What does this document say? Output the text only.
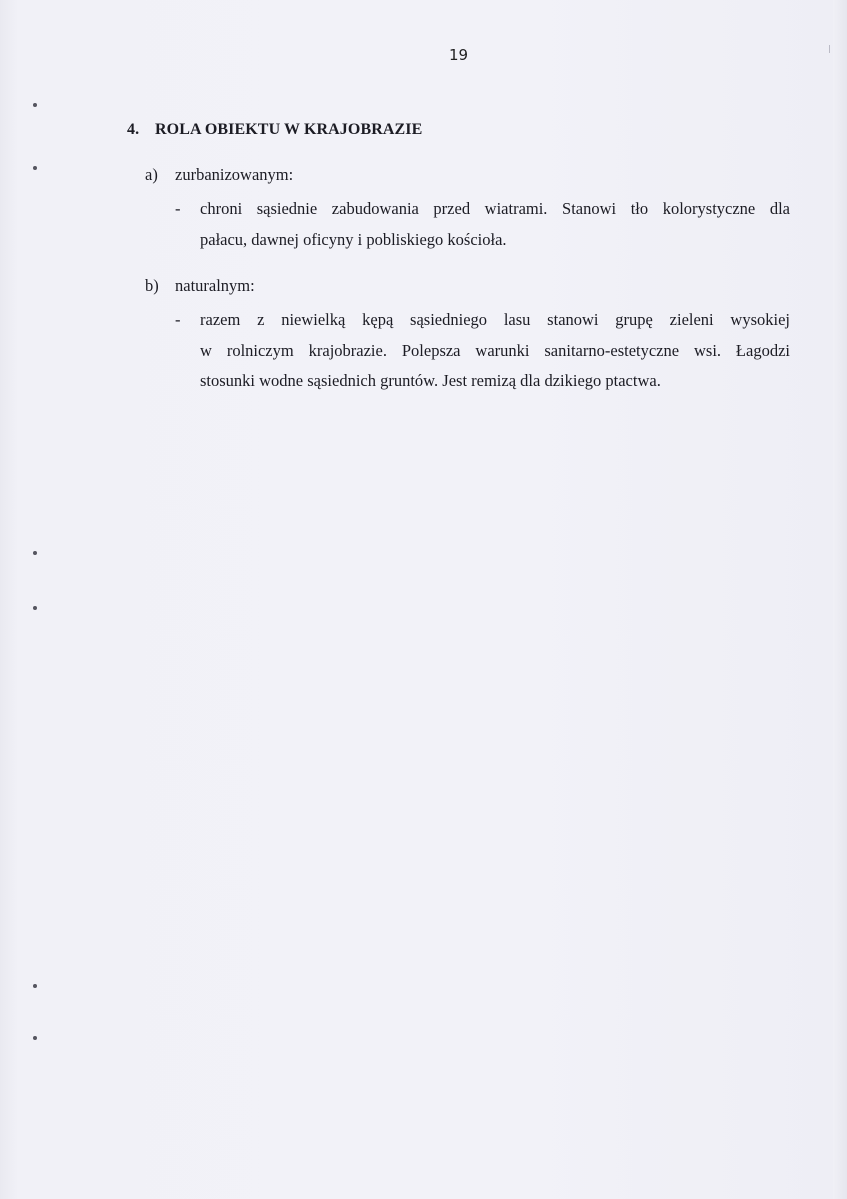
19
4. ROLA OBIEKTU W KRAJOBRAZIE
a) zurbanizowanym:
- chroni sąsiednie zabudowania przed wiatrami. Stanowi tło kolorystyczne dla
pałacu, dawnej oficyny i pobliskiego kościoła.
b) naturalnym:
- razem z niewielką kępą sąsiedniego lasu stanowi grupę zieleni wysokiej
w rolniczym krajobrazie. Polepsza warunki sanitarno-estetyczne wsi. Łagodzi
stosunki wodne sąsiednich gruntów. Jest remizą dla dzikiego ptactwa.
